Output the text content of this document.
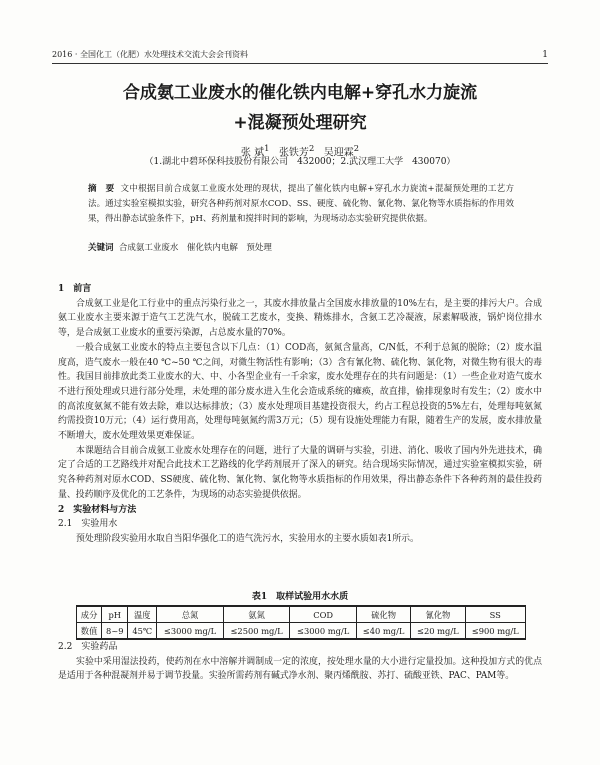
2016 · 全国化工（化肥）水处理技术交流大会会刊资料	1
合成氨工业废水的催化铁内电解+穿孔水力旋流
+混凝预处理研究
张 斌$^1$ 张铁芳$^2$ 吴迎霖$^2$
（1.湖北中碧环保科技股份有限公司　432000；2.武汉理工大学　430070）
摘　要 文中根据目前合成氨工业废水处理的现状，提出了催化铁内电解+穿孔水力旋流+混凝预处理的工艺方法。通过实验室模拟实验，研究各种药剂对原水COD、SS、硬度、硫化物、氰化物、氯化物等水质指标的作用效果，得出静态试验条件下，pH、药剂量和搅拌时间的影响，为现场动态实验研究提供依据。
关键词 合成氨工业废水　催化铁内电解　预处理

1　前言

合成氨工业是化工行业中的重点污染行业之一，其废水排放量占全国废水排放量的10%左右，是主要的排污大户。合成氨工业废水主要来源于造气工艺洗气水，脱硫工艺废水，变换、精炼排水，含氨工艺冷凝液，尿素解吸液，锅炉岗位排水等，是合成氨工业废水的重要污染源，占总废水量的70%。

一般合成氨工业废水的特点主要包含以下几点：（1）COD高，氨氮含量高，C/N低，不利于总氮的脱除；（2）废水温度高，造气废水一般在40 ℃~50 ℃之间，对微生物活性有影响；（3）含有氰化物、硫化物、氯化物，对微生物有很大的毒性。我国目前排放此类工业废水的大、中、小各型企业有一千余家，废水处理存在的共有问题是：（1）一些企业对造气废水不进行预处理或只进行部分处理，未处理的部分废水进入生化会造成系统的瘫痪，故直排，偷排现象时有发生；（2）废水中的高浓度氨氮不能有效去除，难以达标排放；（3）废水处理项目基建投资很大，约占工程总投资的5%左右，处理每吨氨氮约需投资10万元；（4）运行费用高，处理每吨氨氮约需3万元；（5）现有设施处理能力有限，随着生产的发展，废水排放量不断增大，废水处理效果更难保证。

本课题结合目前合成氨工业废水处理存在的问题，进行了大量的调研与实验，引进、消化、吸收了国内外先进技术，确定了合适的工艺路线并对配合此技术工艺路线的化学药剂展开了深入的研究。结合现场实际情况，通过实验室模拟实验，研究各种药剂对原水COD、SS硬度、硫化物、氰化物、氯化物等水质指标的作用效果，得出静态条件下各种药剂的最佳投药量、投药顺序及优化的工艺条件，为现场的动态实验提供依据。

2　实验材料与方法

2.1　实验用水

预处理阶段实验用水取自当阳华强化工的造气洗污水，实验用水的主要水质如表1所示。

表1　取样试验用水水质
成分	pH	温度	总氮	氨氮	COD	硫化物	氰化物	SS
数值	8~9	45℃	≤3000 mg/L	≤2500 mg/L	≤3000 mg/L	≤40 mg/L	≤20 mg/L	≤900 mg/L

2.2　实验药品

实验中采用湿法投药，使药剂在水中溶解并调制成一定的浓度，按处理水量的大小进行定量投加。这种投加方式的优点是适用于各种混凝剂并易于调节投量。实验所需药剂有碱式净水剂、聚丙烯酰胺、苏打、硫酸亚铁、PAC、PAM等。
